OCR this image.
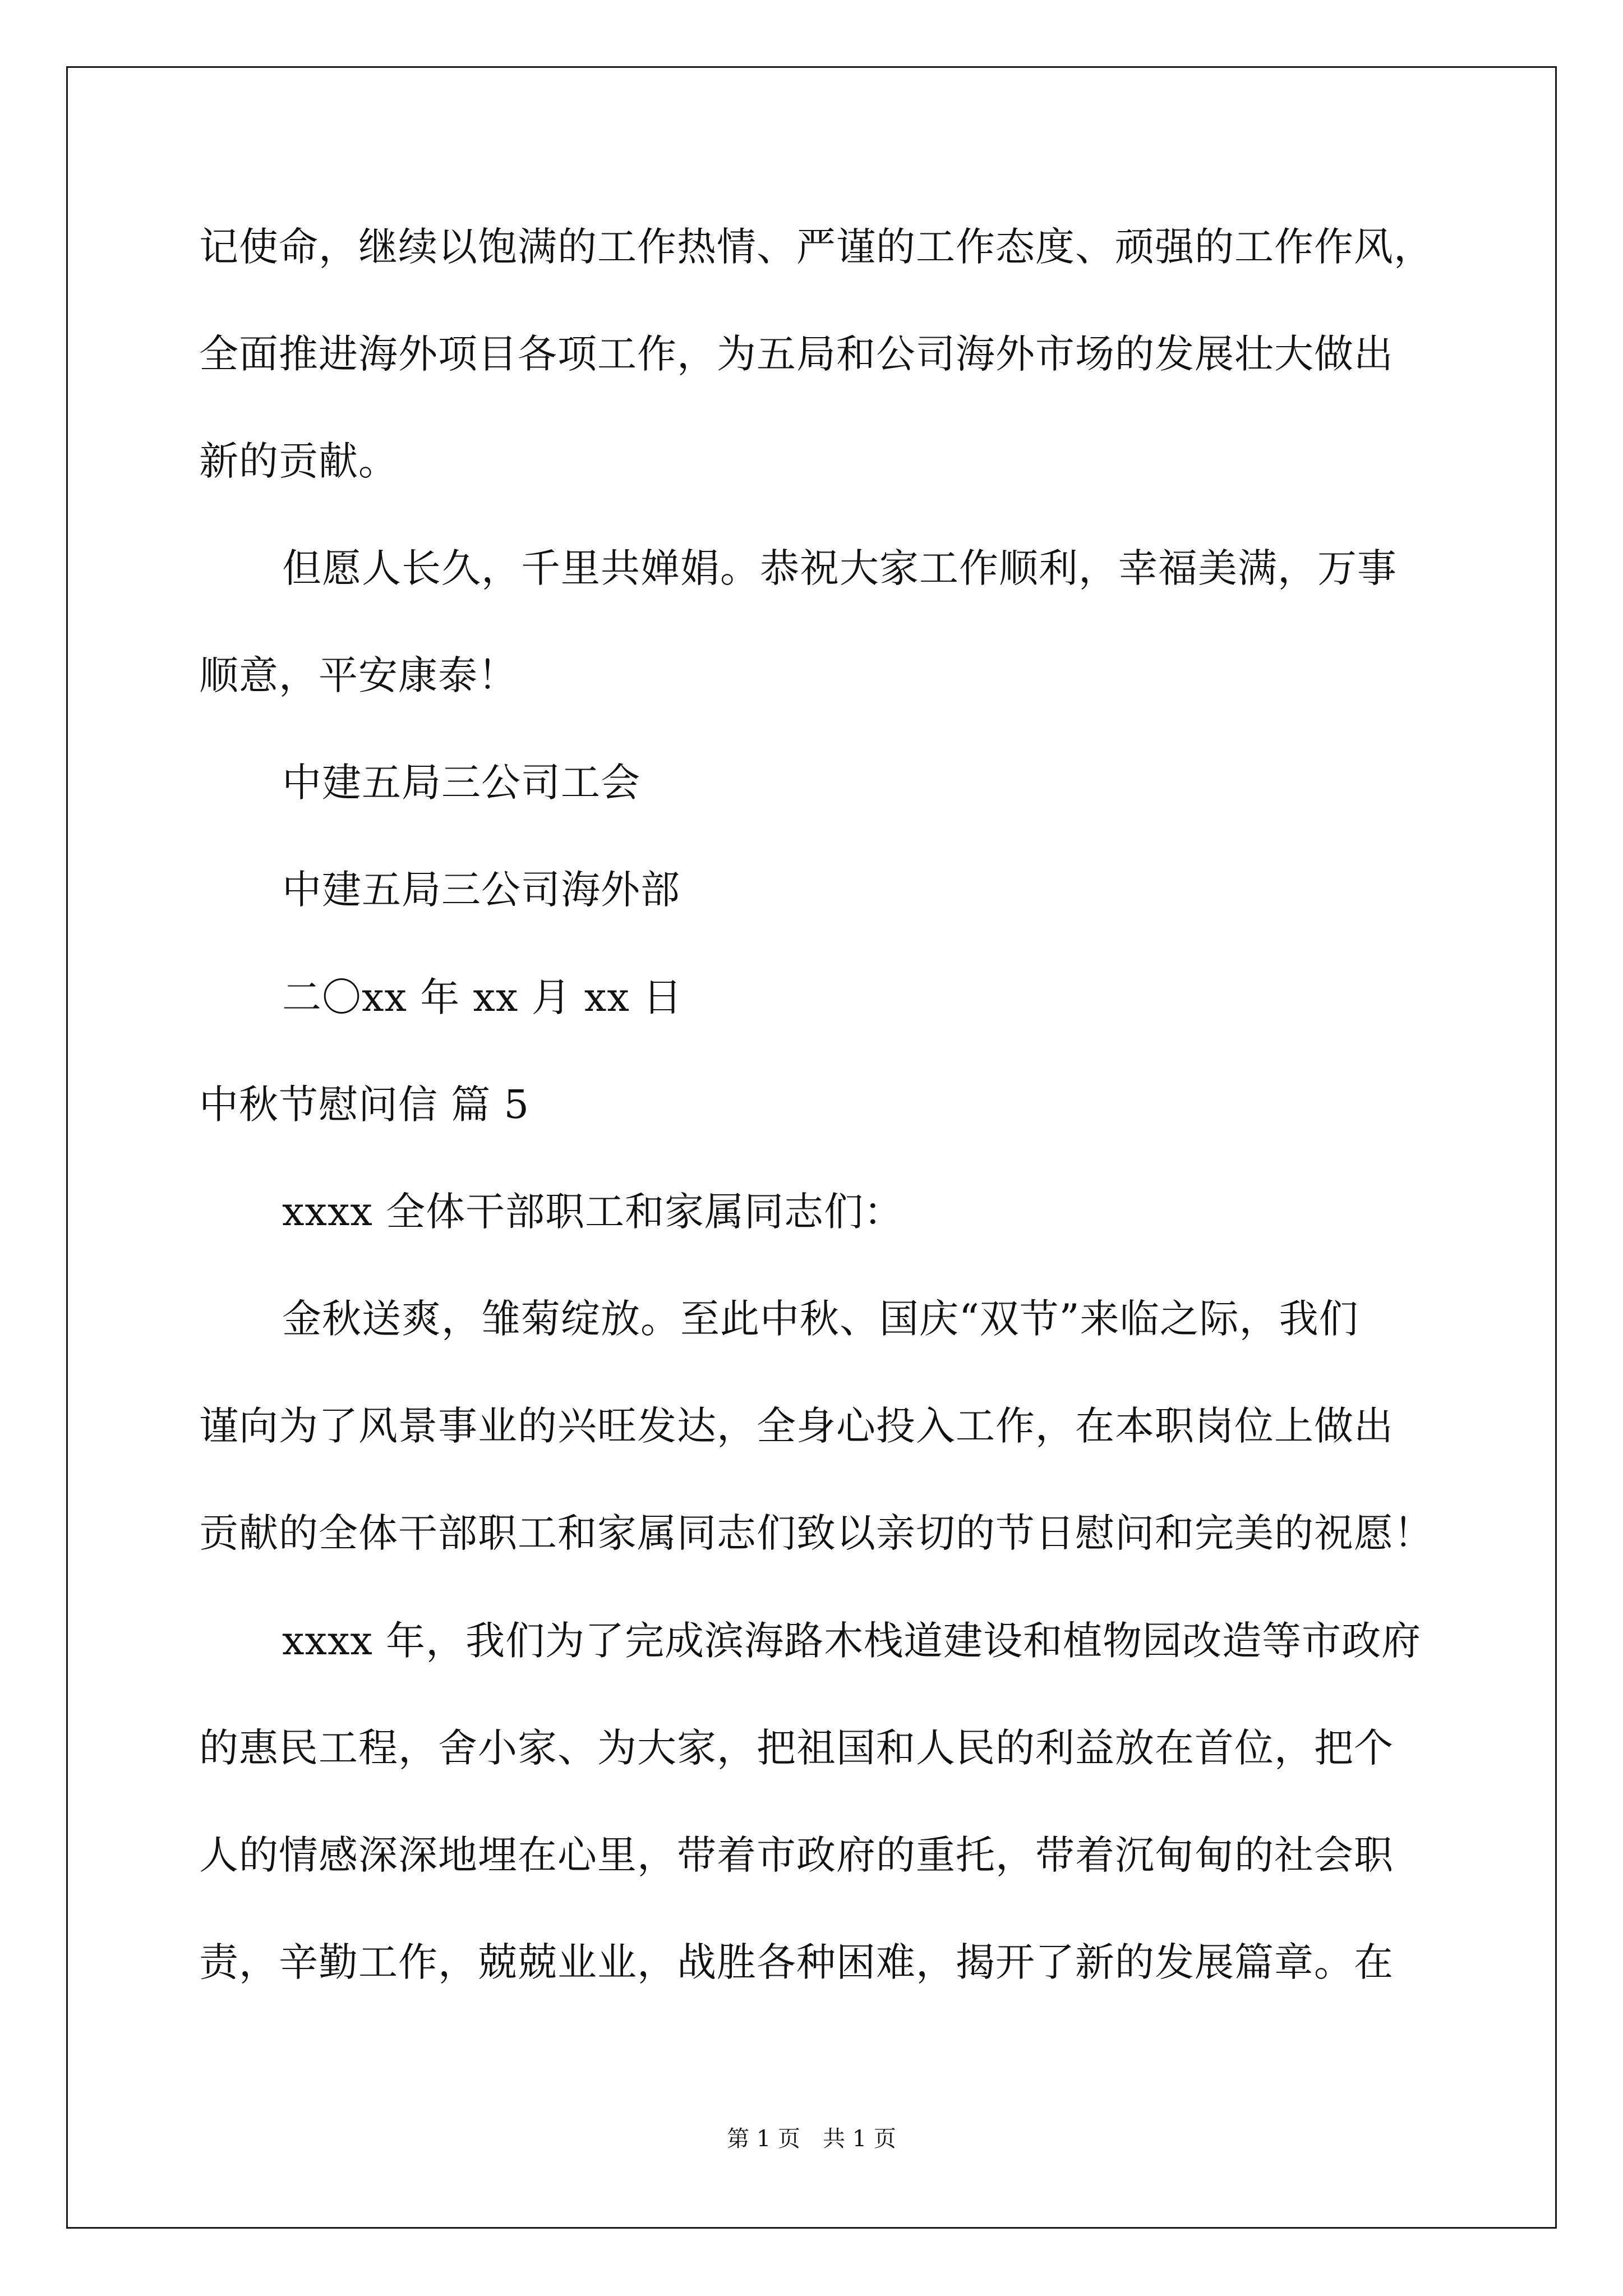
记使命，继续以饱满的工作热情、严谨的工作态度、顽强的工作作风，
全面推进海外项目各项工作，为五局和公司海外市场的发展壮大做出
新的贡献。
但愿人长久，千里共婵娟。恭祝大家工作顺利，幸福美满，万事
顺意，平安康泰！
中建五局三公司工会
中建五局三公司海外部
二〇xx 年 xx 月 xx 日
中秋节慰问信 篇 5
xxxx 全体干部职工和家属同志们：
金秋送爽，雏菊绽放。至此中秋、国庆“双节”来临之际，我们
谨向为了风景事业的兴旺发达，全身心投入工作，在本职岗位上做出
贡献的全体干部职工和家属同志们致以亲切的节日慰问和完美的祝愿！
xxxx 年，我们为了完成滨海路木栈道建设和植物园改造等市政府
的惠民工程，舍小家、为大家，把祖国和人民的利益放在首位，把个
人的情感深深地埋在心里，带着市政府的重托，带着沉甸甸的社会职
责，辛勤工作，兢兢业业，战胜各种困难，揭开了新的发展篇章。在
第 1 页　共 1 页
